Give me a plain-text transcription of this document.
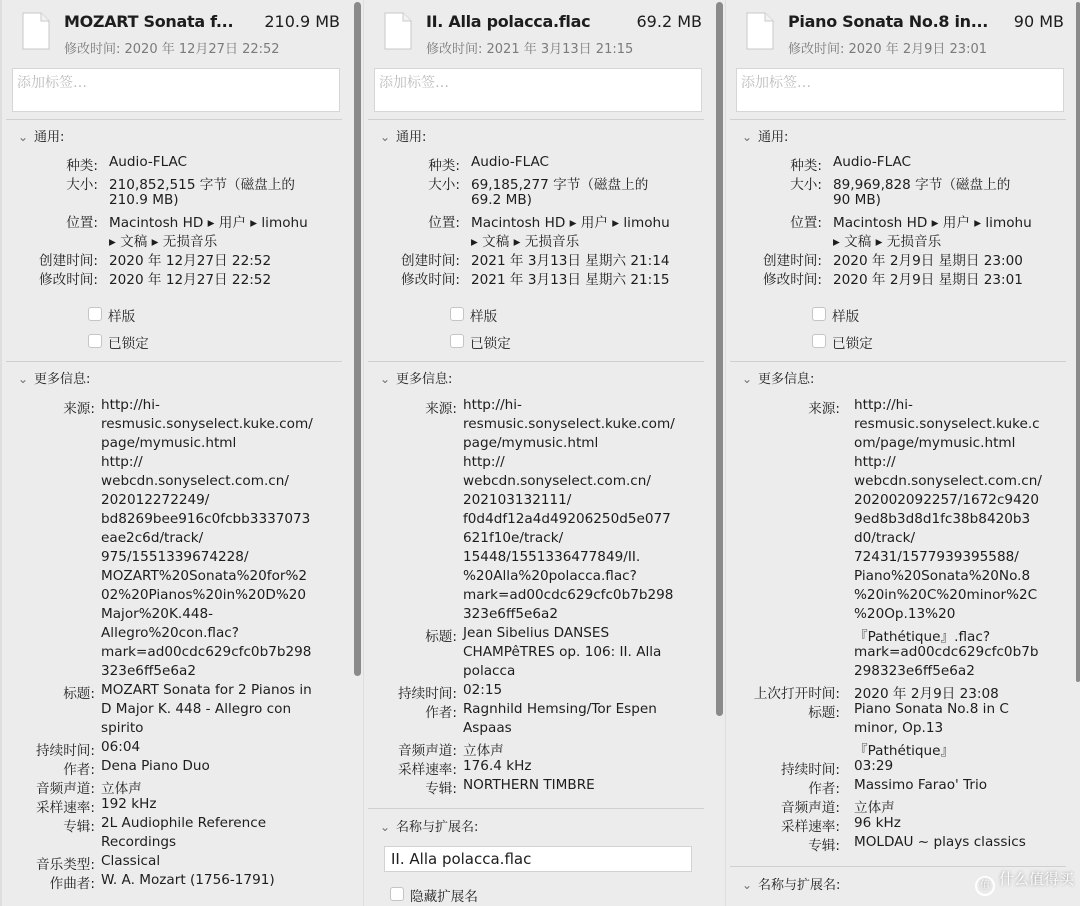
MOZART Sonata f...	210.9 MB
修改时间: 2020 年 12月27日 22:52
添加标签…
⌄ 通用:
样版
已锁定
⌄ 更多信息:
种类: Audio-FLAC
大小: 210,852,515 字节（磁盘上的
210.9 MB)
位置: Macintosh HD ▸ 用户 ▸ limohu
▸ 文稿 ▸ 无损音乐
创建时间: 2020 年 12月27日 22:52
修改时间: 2020 年 12月27日 22:52
来源: http://hi-
resmusic.sonyselect.kuke.com/
page/mymusic.html
http://
webcdn.sonyselect.com.cn/
202012272249/
bd8269bee916c0fcbb3337073
eae2c6d/track/
975/1551339674228/
MOZART%20Sonata%20for%2
02%20Pianos%20in%20D%20
Major%20K.448-
Allegro%20con.flac?
mark=ad00cdc629cfc0b7b298
323e6ff5e6a2
标题: MOZART Sonata for 2 Pianos in
D Major K. 448 - Allegro con
spirito
持续时间: 06:04
作者: Dena Piano Duo
音频声道: 立体声
采样速率: 192 kHz
专辑: 2L Audiophile Reference
Recordings
音乐类型: Classical
作曲者: W. A. Mozart (1756-1791)
II. Alla polacca.flac	69.2 MB
修改时间: 2021 年 3月13日 21:15
添加标签…
⌄ 通用:
样版
已锁定
⌄ 更多信息:
⌄ 名称与扩展名:
II. Alla polacca.flac
隐藏扩展名
种类: Audio-FLAC
大小: 69,185,277 字节（磁盘上的
69.2 MB)
位置: Macintosh HD ▸ 用户 ▸ limohu
▸ 文稿 ▸ 无损音乐
创建时间: 2021 年 3月13日 星期六 21:14
修改时间: 2021 年 3月13日 星期六 21:15
来源: http://hi-
resmusic.sonyselect.kuke.com/
page/mymusic.html
http://
webcdn.sonyselect.com.cn/
202103132111/
f0d4df12a4d49206250d5e077
621f10e/track/
15448/1551336477849/II.
%20Alla%20polacca.flac?
mark=ad00cdc629cfc0b7b298
323e6ff5e6a2
标题: Jean Sibelius DANSES
CHAMPêTRES op. 106: II. Alla
polacca
持续时间: 02:15
作者: Ragnhild Hemsing/Tor Espen
Aspaas
音频声道: 立体声
采样速率: 176.4 kHz
专辑: NORTHERN TIMBRE
Piano Sonata No.8 in...	90 MB
修改时间: 2020 年 2月9日 23:01
添加标签…
⌄ 通用:
样版
已锁定
⌄ 更多信息:
⌄ 名称与扩展名:
种类: Audio-FLAC
大小: 89,969,828 字节（磁盘上的
90 MB)
位置: Macintosh HD ▸ 用户 ▸ limohu
▸ 文稿 ▸ 无损音乐
创建时间: 2020 年 2月9日 星期日 23:00
修改时间: 2020 年 2月9日 星期日 23:01
来源: http://hi-
resmusic.sonyselect.kuke.c
om/page/mymusic.html
http://
webcdn.sonyselect.com.cn/
202002092257/1672c9420
9ed8b3d8d1fc38b8420b3
d0/track/
72431/1577939395588/
Piano%20Sonata%20No.8
%20in%20C%20minor%2C
%20Op.13%20
『Pathétique』.flac?
mark=ad00cdc629cfc0b7b
298323e6ff5e6a2
上次打开时间: 2020 年 2月9日 23:08
标题: Piano Sonata No.8 in C
minor, Op.13
『Pathétique』
持续时间: 03:29
作者: Massimo Farao' Trio
音频声道: 立体声
采样速率: 96 kHz
专辑: MOLDAU ~ plays classics
值 什么值得买
